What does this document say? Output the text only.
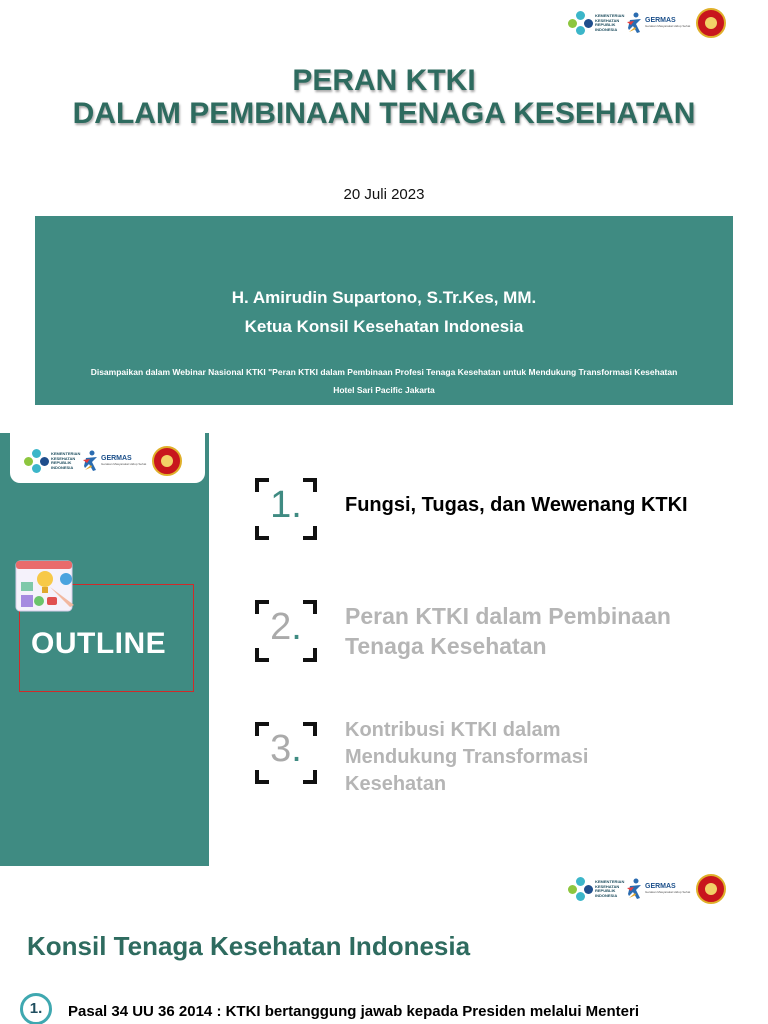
KEMENTERIAN KESEHATAN REPUBLIK INDONESIA
GERMAS
Gerakan Masyarakat Hidup Sehat
PERAN KTKI
DALAM PEMBINAAN TENAGA KESEHATAN
20 Juli 2023
H. Amirudin Supartono, S.Tr.Kes, MM.
Ketua Konsil Kesehatan Indonesia
Disampaikan dalam Webinar Nasional KTKI "Peran KTKI dalam Pembinaan Profesi Tenaga Kesehatan untuk Mendukung Transformasi Kesehatan
Hotel Sari Pacific Jakarta
KEMENTERIAN KESEHATAN REPUBLIK INDONESIA
GERMAS
Gerakan Masyarakat Hidup Sehat
OUTLINE
1.	Fungsi, Tugas, dan Wewenang KTKI
2.	Peran KTKI dalam Pembinaan Tenaga Kesehatan
3.	Kontribusi KTKI dalam Mendukung Transformasi Kesehatan
KEMENTERIAN KESEHATAN REPUBLIK INDONESIA
GERMAS
Gerakan Masyarakat Hidup Sehat
Konsil Tenaga Kesehatan Indonesia
1.	Pasal 34 UU 36 2014 : KTKI bertanggung jawab kepada Presiden melalui Menteri
